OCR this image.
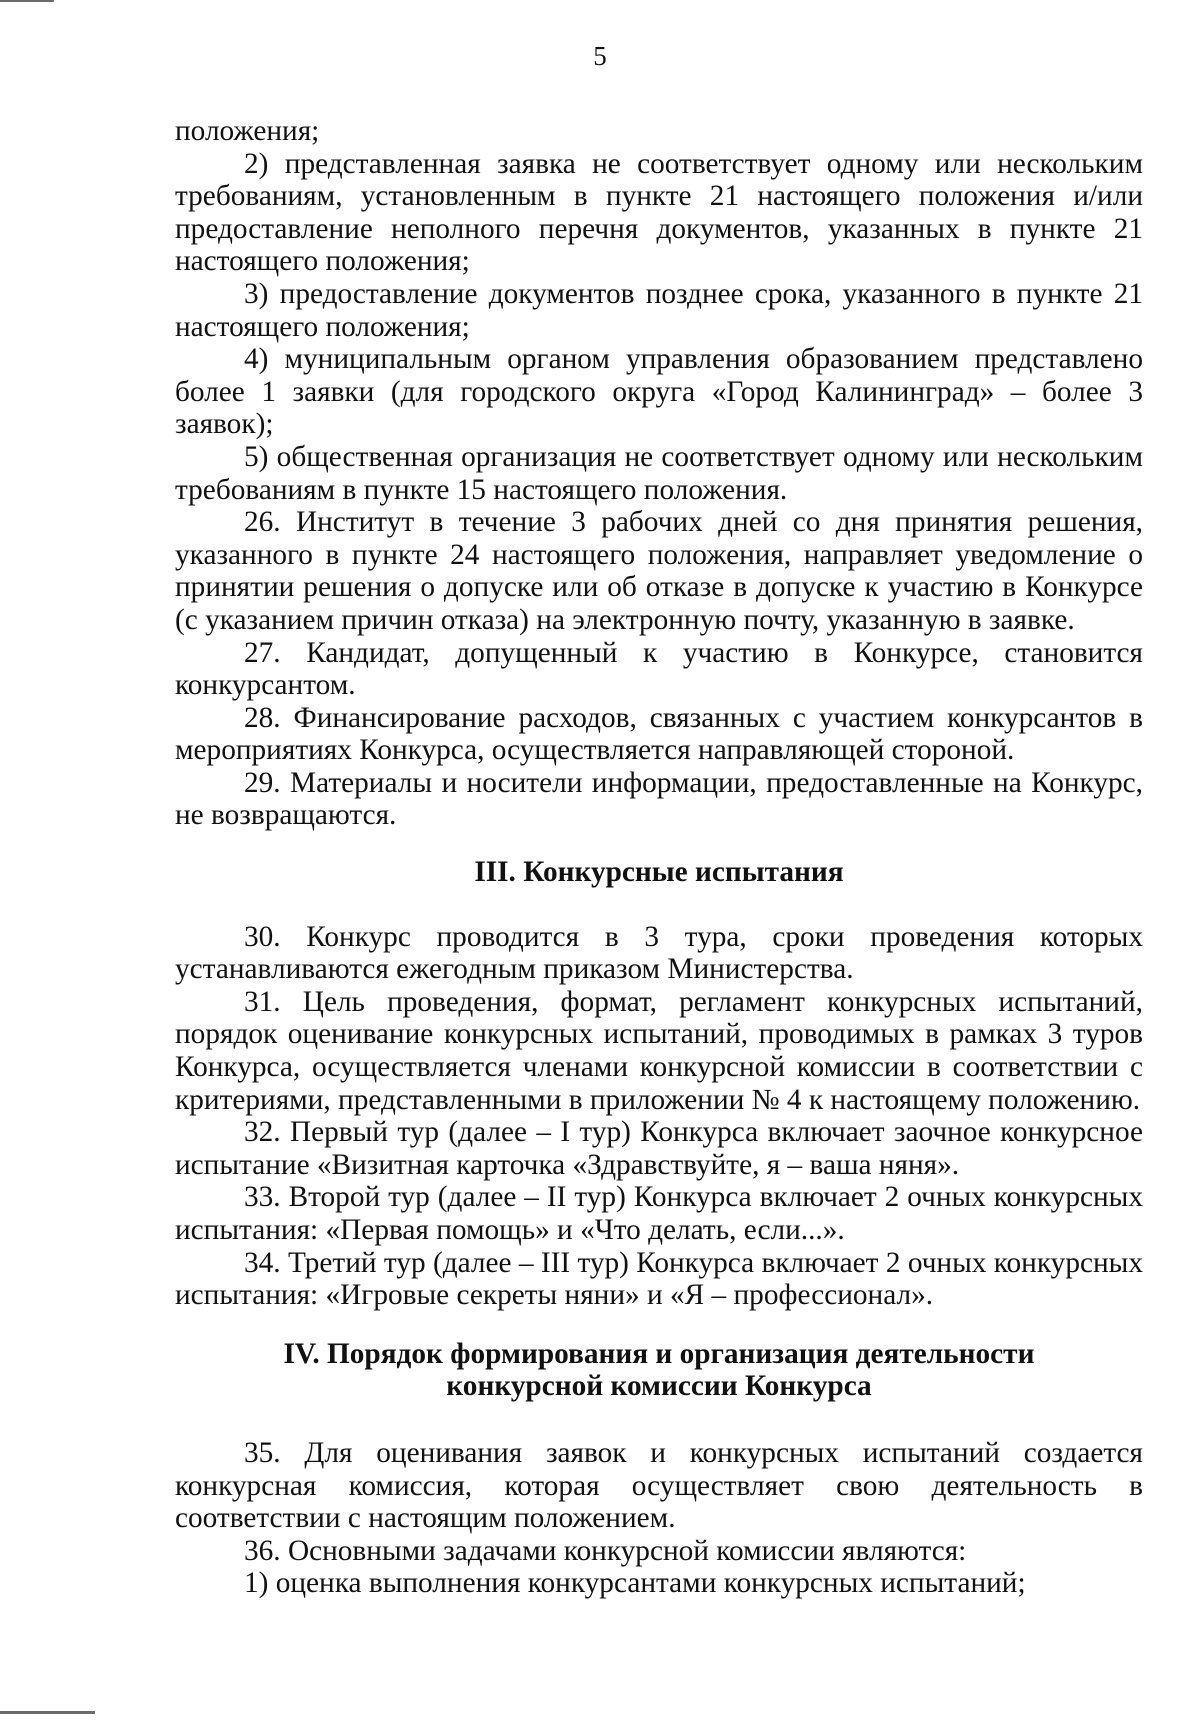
5

положения;

2) представленная заявка не соответствует одному или нескольким требованиям, установленным в пункте 21 настоящего положения и/или предоставление неполного перечня документов, указанных в пункте 21 настоящего положения;

3) предоставление документов позднее срока, указанного в пункте 21 настоящего положения;

4) муниципальным органом управления образованием представлено более 1 заявки (для городского округа «Город Калининград» – более 3 заявок);

5) общественная организация не соответствует одному или нескольким требованиям в пункте 15 настоящего положения.

26. Институт в течение 3 рабочих дней со дня принятия решения, указанного в пункте 24 настоящего положения, направляет уведомление о принятии решения о допуске или об отказе в допуске к участию в Конкурсе (с указанием причин отказа) на электронную почту, указанную в заявке.

27. Кандидат, допущенный к участию в Конкурсе, становится конкурсантом.

28. Финансирование расходов, связанных с участием конкурсантов в мероприятиях Конкурса, осуществляется направляющей стороной.

29. Материалы и носители информации, предоставленные на Конкурс, не возвращаются.

III. Конкурсные испытания

30. Конкурс проводится в 3 тура, сроки проведения которых устанавливаются ежегодным приказом Министерства.

31. Цель проведения, формат, регламент конкурсных испытаний, порядок оценивание конкурсных испытаний, проводимых в рамках 3 туров Конкурса, осуществляется членами конкурсной комиссии в соответствии с критериями, представленными в приложении № 4 к настоящему положению.

32. Первый тур (далее – I тур) Конкурса включает заочное конкурсное испытание «Визитная карточка «Здравствуйте, я – ваша няня».

33. Второй тур (далее – II тур) Конкурса включает 2 очных конкурсных испытания: «Первая помощь» и «Что делать, если...».

34. Третий тур (далее – III тур) Конкурса включает 2 очных конкурсных испытания: «Игровые секреты няни» и «Я – профессионал».

IV. Порядок формирования и организация деятельности
конкурсной комиссии Конкурса

35. Для оценивания заявок и конкурсных испытаний создается конкурсная комиссия, которая осуществляет свою деятельность в соответствии с настоящим положением.

36. Основными задачами конкурсной комиссии являются:

1) оценка выполнения конкурсантами конкурсных испытаний;
